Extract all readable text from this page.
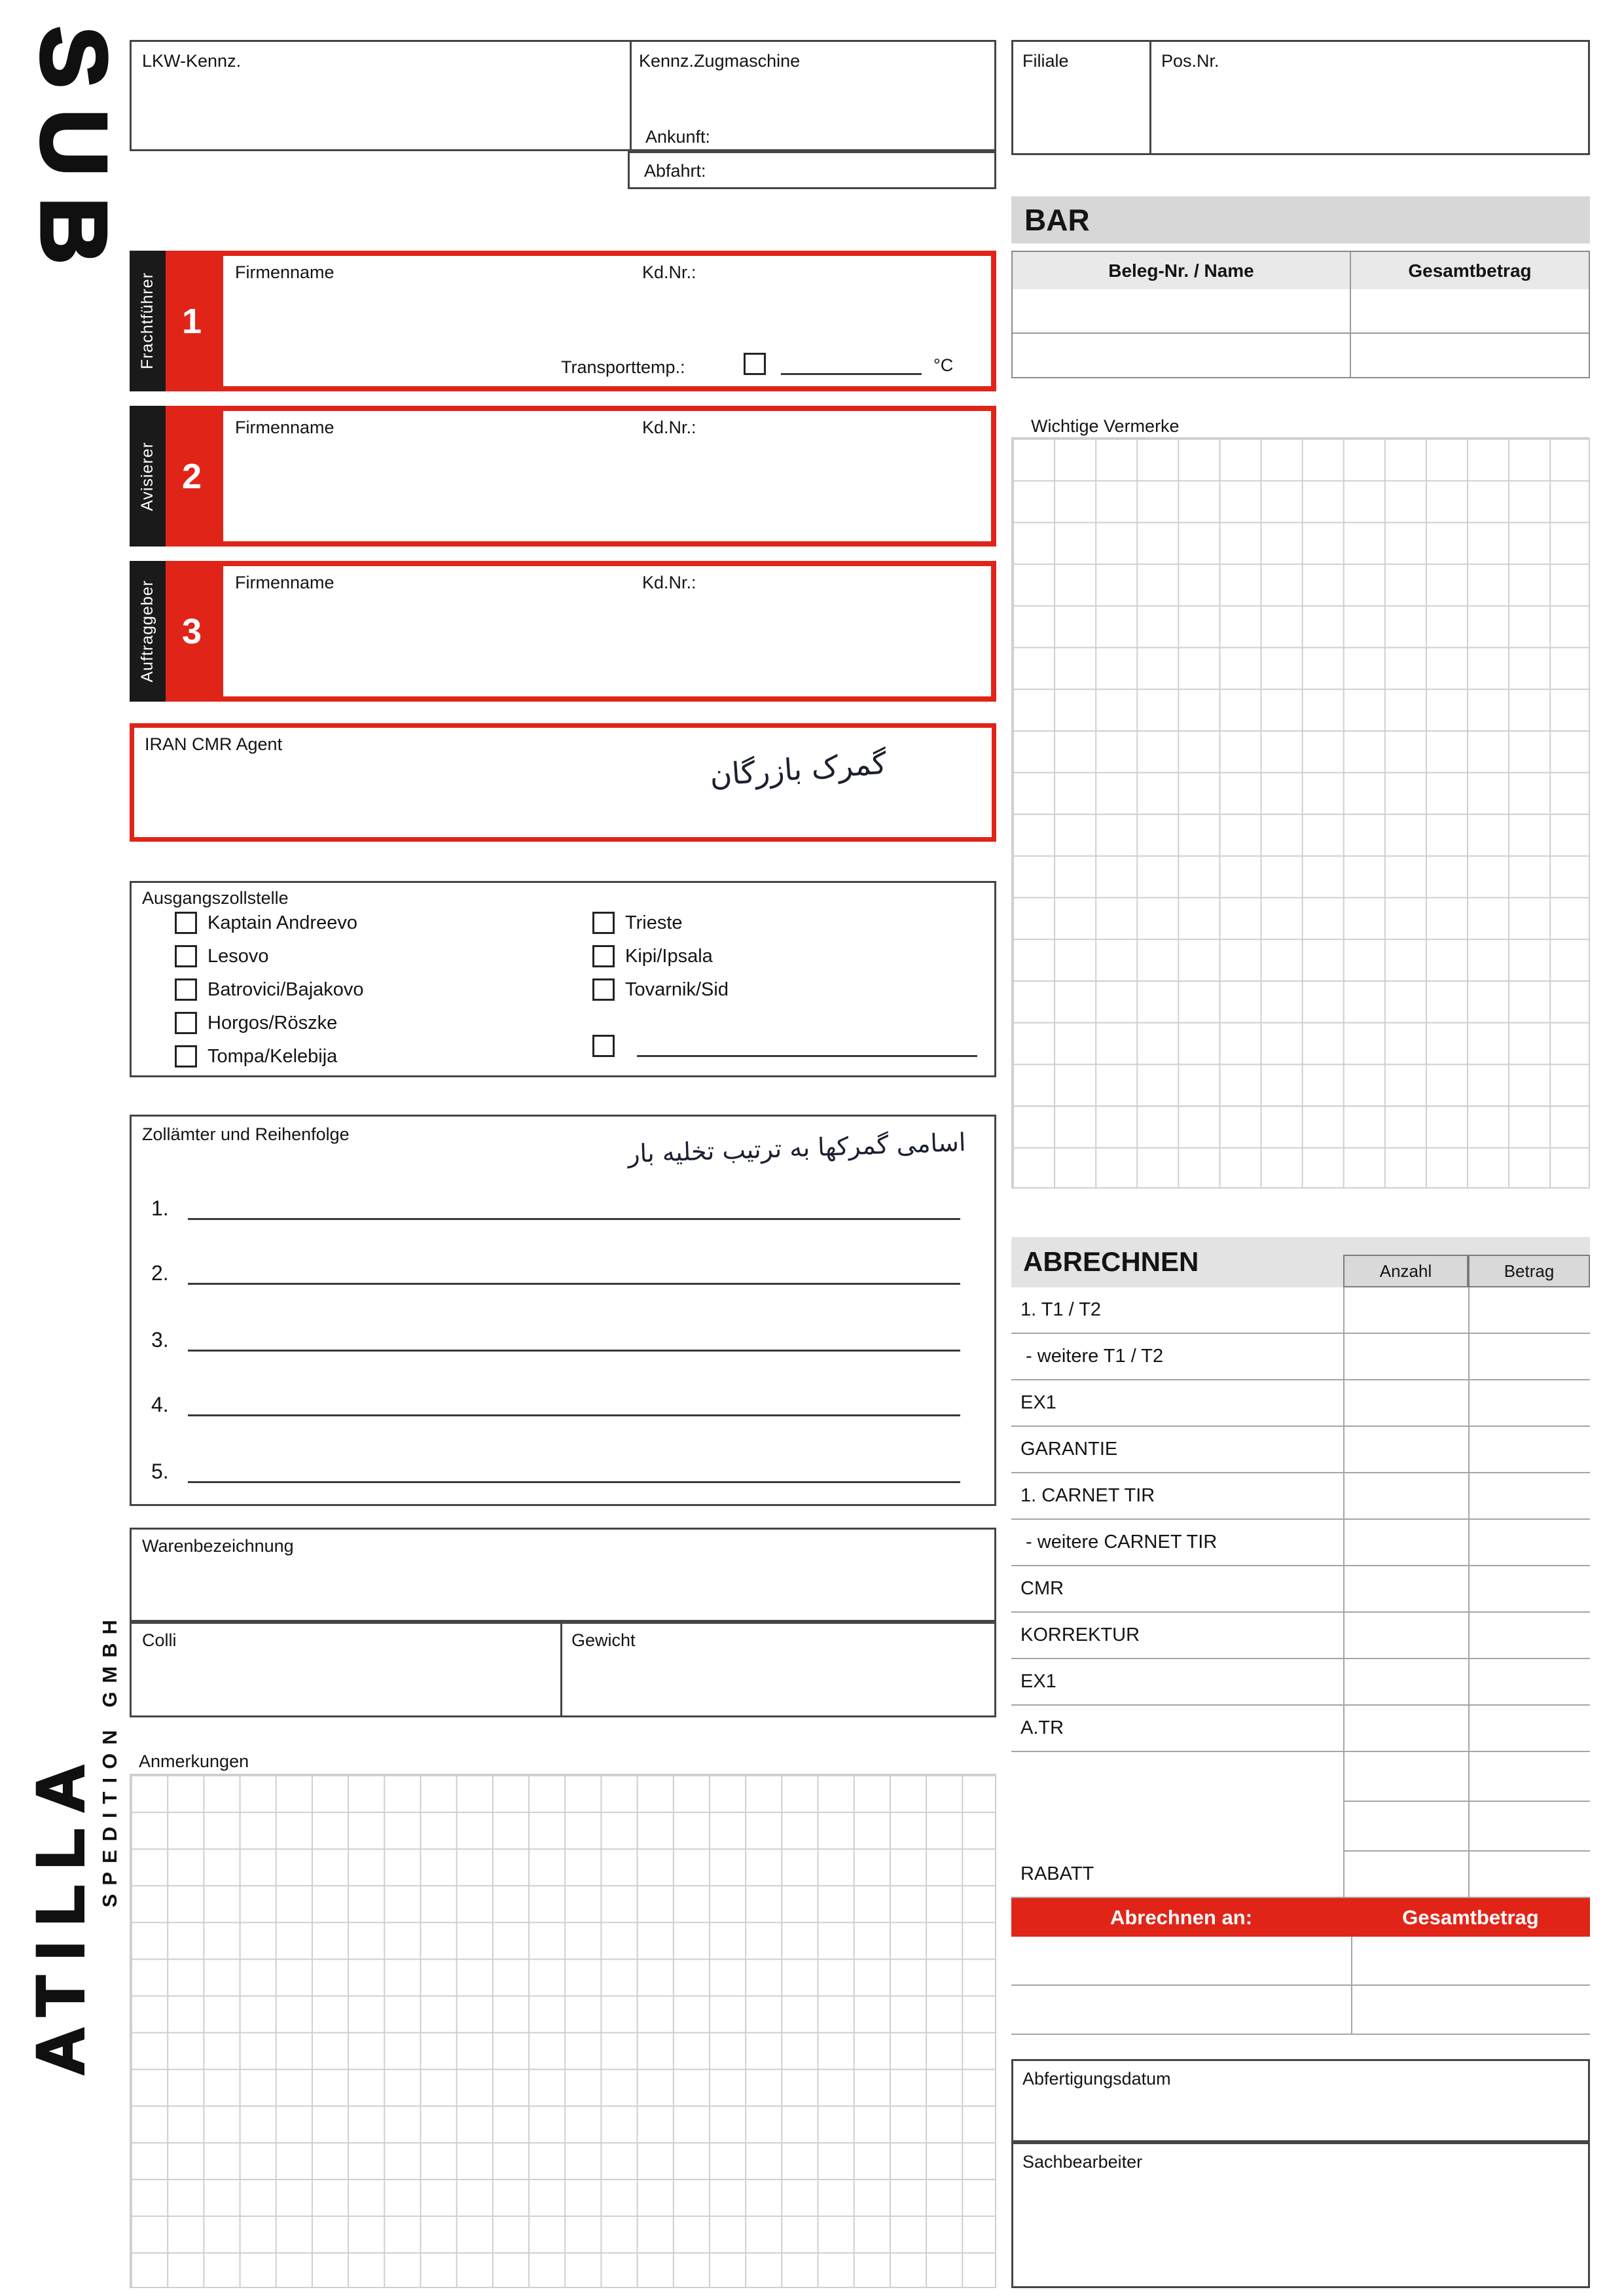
SUB
ATILLA SPEDITION GMBH
LKW-Kennz.	Kennz.Zugmaschine
Ankunft:
Abfahrt:
Filiale	Pos.Nr.
BAR
Beleg-Nr. / Name	Gesamtbetrag
Frachtführer 1
Firmenname	Kd.Nr.:
Transporttemp.:	°C
Avisierer 2
Firmenname	Kd.Nr.:
Auftraggeber 3
Firmenname	Kd.Nr.:
IRAN CMR Agent
گمرک بازرگان
Wichtige Vermerke
Ausgangszollstelle
Kaptain Andreevo
Lesovo
Batrovici/Bajakovo
Horgos/Röszke
Tompa/Kelebija
Trieste
Kipi/Ipsala
Tovarnik/Sid
Zollämter und Reihenfolge	اسامی گمرکها به ترتیب تخلیه بار
1.
2.
3.
4.
5.
Warenbezeichnung
Colli	Gewicht
Anmerkungen
ABRECHNEN	Anzahl	Betrag
1. T1 / T2
- weitere T1 / T2
EX1
GARANTIE
1. CARNET TIR
- weitere CARNET TIR
CMR
KORREKTUR
EX1
A.TR
RABATT
Abrechnen an:	Gesamtbetrag
Abfertigungsdatum
Sachbearbeiter
